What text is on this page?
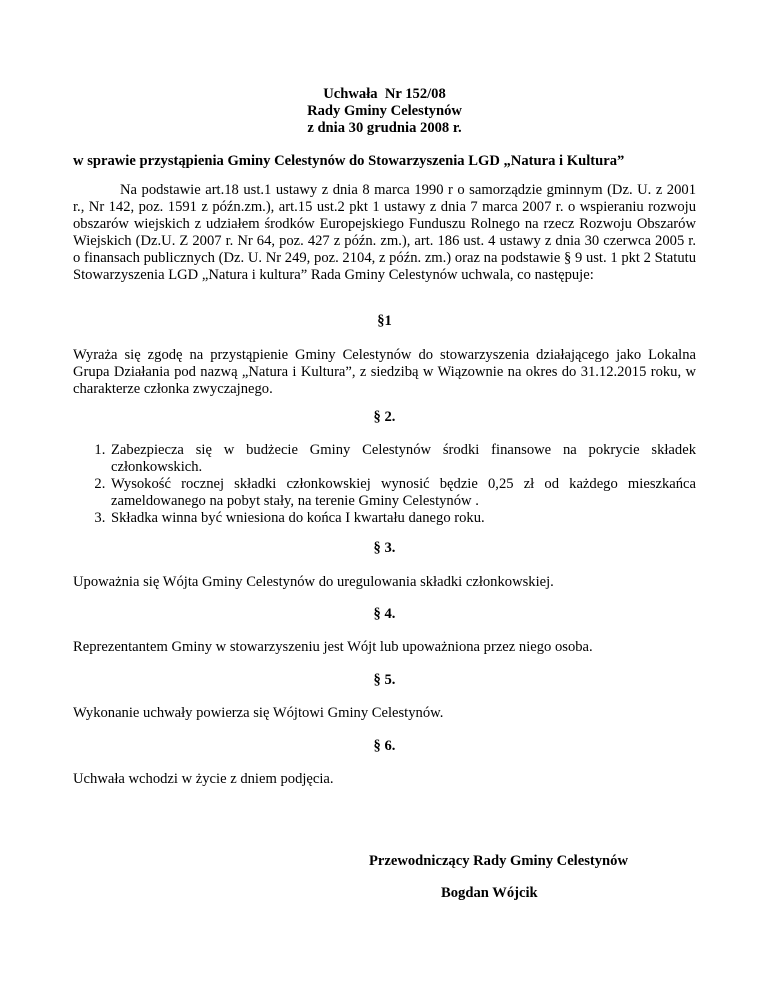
Uchwała  Nr 152/08
Rady Gminy Celestynów
z dnia 30 grudnia 2008 r.
w sprawie przystąpienia Gminy Celestynów do Stowarzyszenia LGD „Natura i Kultura”
Na podstawie art.18 ust.1 ustawy z dnia 8 marca 1990 r o samorządzie gminnym (Dz. U. z 2001 r., Nr 142, poz. 1591 z późn.zm.), art.15 ust.2 pkt 1 ustawy z dnia 7 marca 2007 r. o wspieraniu rozwoju obszarów wiejskich z udziałem środków Europejskiego Funduszu Rolnego na rzecz Rozwoju Obszarów Wiejskich (Dz.U. Z 2007 r. Nr 64, poz. 427 z późn. zm.), art. 186 ust. 4 ustawy z dnia 30 czerwca 2005 r. o finansach publicznych (Dz. U. Nr 249, poz. 2104, z późn. zm.) oraz na podstawie § 9 ust. 1 pkt 2 Statutu Stowarzyszenia LGD „Natura i kultura” Rada Gminy Celestynów uchwala, co następuje:
§1
Wyraża się zgodę na przystąpienie Gminy Celestynów do stowarzyszenia działającego jako Lokalna Grupa Działania pod nazwą „Natura i Kultura”, z siedzibą w Wiązownie na okres do 31.12.2015 roku, w charakterze członka zwyczajnego.
§ 2.
1. Zabezpiecza się w budżecie Gminy Celestynów środki finansowe na pokrycie składek członkowskich.
2. Wysokość rocznej składki członkowskiej wynosić będzie 0,25 zł od każdego mieszkańca zameldowanego na pobyt stały, na terenie Gminy Celestynów .
3. Składka winna być wniesiona do końca I kwartału danego roku.
§ 3.
Upoważnia się Wójta Gminy Celestynów do uregulowania składki członkowskiej.
§ 4.
Reprezentantem Gminy w stowarzyszeniu jest Wójt lub upoważniona przez niego osoba.
§ 5.
Wykonanie uchwały powierza się Wójtowi Gminy Celestynów.
§ 6.
Uchwała wchodzi w życie z dniem podjęcia.
Przewodniczący Rady Gminy Celestynów
Bogdan Wójcik
